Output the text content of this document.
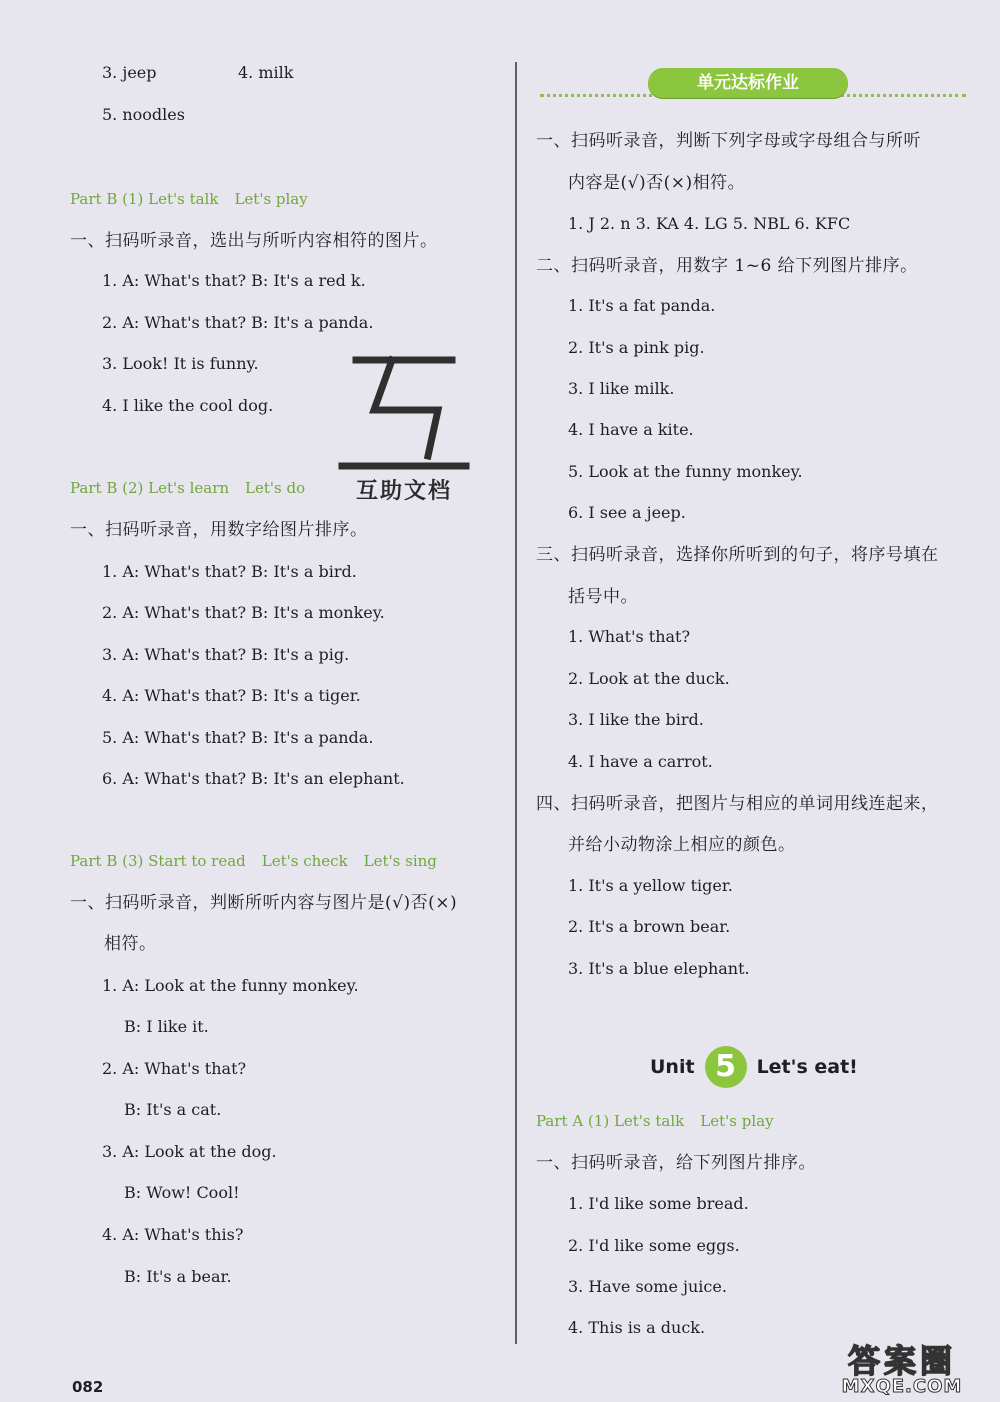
3. jeep	4. milk
5. noodles
Part B (1) Let's talk Let's play
一、扫码听录音，选出与所听内容相符的图片。
1. A: What's that? B: It's a red k.
2. A: What's that? B: It's a panda.
3. Look! It is funny.
4. I like the cool dog.
Part B (2) Let's learn Let's do
一、扫码听录音，用数字给图片排序。
1. A: What's that? B: It's a bird.
2. A: What's that? B: It's a monkey.
3. A: What's that? B: It's a pig.
4. A: What's that? B: It's a tiger.
5. A: What's that? B: It's a panda.
6. A: What's that? B: It's an elephant.
Part B (3) Start to read Let's check Let's sing
一、扫码听录音，判断所听内容与图片是(√)否(×)
相符。
1. A: Look at the funny monkey.
B: I like it.
2. A: What's that?
B: It's a cat.
3. A: Look at the dog.
B: Wow! Cool!
4. A: What's this?
B: It's a bear.
互助文档
单元达标作业
一、扫码听录音，判断下列字母或字母组合与所听
内容是(√)否(×)相符。
1. J 2. n 3. KA 4. LG 5. NBL 6. KFC
二、扫码听录音，用数字 1~6 给下列图片排序。
1. It's a fat panda.
2. It's a pink pig.
3. I like milk.
4. I have a kite.
5. Look at the funny monkey.
6. I see a jeep.
三、扫码听录音，选择你所听到的句子，将序号填在
括号中。
1. What's that?
2. Look at the duck.
3. I like the bird.
4. I have a carrot.
四、扫码听录音，把图片与相应的单词用线连起来，
并给小动物涂上相应的颜色。
1. It's a yellow tiger.
2. It's a brown bear.
3. It's a blue elephant.
Part A (1) Let's talk Let's play
一、扫码听录音，给下列图片排序。
1. I'd like some bread.
2. I'd like some eggs.
3. Have some juice.
4. This is a duck.
Unit 5	Let's eat!
082
答案圈
MXQE.COM
